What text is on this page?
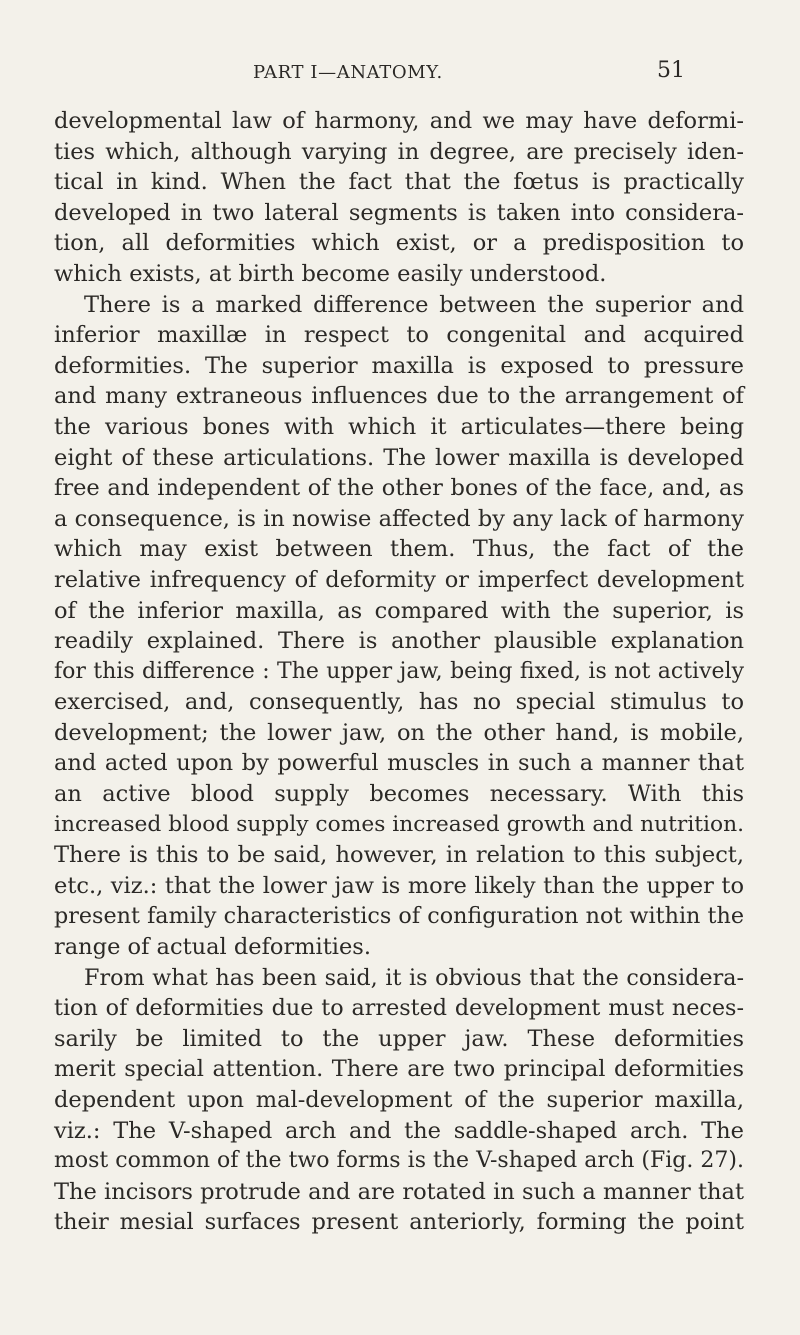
PART I—ANATOMY.	51
developmental law of harmony, and we may have deformi-
ties which, although varying in degree, are precisely iden-
tical in kind. When the fact that the fœtus is practically
developed in two lateral segments is taken into considera-
tion, all deformities which exist, or a predisposition to
which exists, at birth become easily understood.
There is a marked difference between the superior and
inferior maxillæ in respect to congenital and acquired
deformities. The superior maxilla is exposed to pressure
and many extraneous influences due to the arrangement of
the various bones with which it articulates—there being
eight of these articulations. The lower maxilla is developed
free and independent of the other bones of the face, and, as
a consequence, is in nowise affected by any lack of harmony
which may exist between them. Thus, the fact of the
relative infrequency of deformity or imperfect development
of the inferior maxilla, as compared with the superior, is
readily explained. There is another plausible explanation
for this difference : The upper jaw, being fixed, is not actively
exercised, and, consequently, has no special stimulus to
development; the lower jaw, on the other hand, is mobile,
and acted upon by powerful muscles in such a manner that
an active blood supply becomes necessary. With this
increased blood supply comes increased growth and nutrition.
There is this to be said, however, in relation to this subject,
etc., viz.: that the lower jaw is more likely than the upper to
present family characteristics of configuration not within the
range of actual deformities.
From what has been said, it is obvious that the considera-
tion of deformities due to arrested development must neces-
sarily be limited to the upper jaw. These deformities
merit special attention. There are two principal deformities
dependent upon mal-development of the superior maxilla,
viz.: The V-shaped arch and the saddle-shaped arch. The
most common of the two forms is the V-shaped arch (Fig. 27).
The incisors protrude and are rotated in such a manner that
their mesial surfaces present anteriorly, forming the point
